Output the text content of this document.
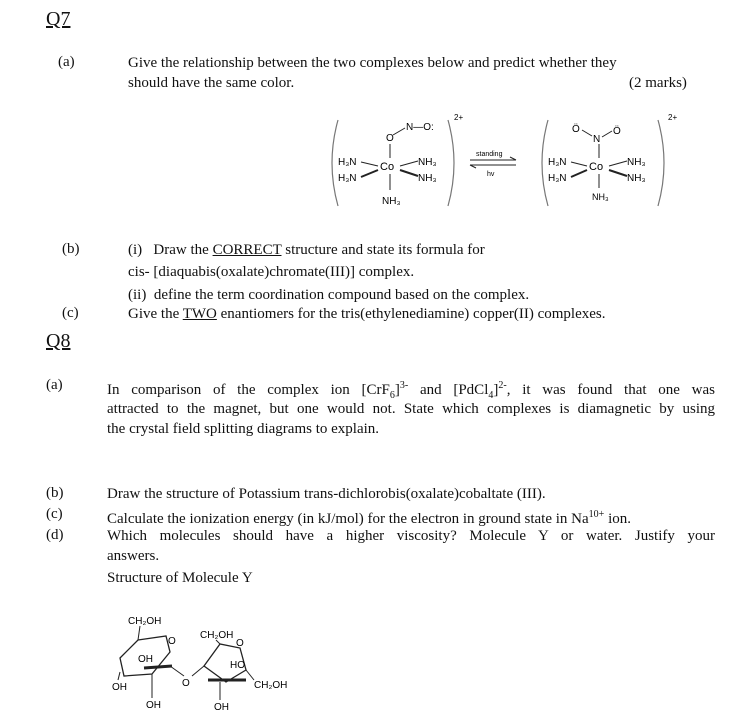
Q7
(a)	Give the relationship between the two complexes below and predict whether they
should have the same color.	(2 marks)
2+
O
N—O:
Co
H₃N
H₃N
NH₃
NH₃
NH₃
standing
hv
2+
Ö
N
Ö
Co
H₃N
H₃N
NH₃
NH₃
NH₃
(b)	(i) Draw the CORRECT structure and state its formula for
cis- [diaquabis(oxalate)chromate(III)] complex.
(ii) define the term coordination compound based on the complex.
(c)	Give the TWO enantiomers for the tris(ethylenediamine) copper(II) complexes.
Q8
(a)	In comparison of the complex ion $[CrF_6]^{3-}$ and [PdCl$_4$]$^{2-}$, it was found that one was
attracted to the magnet, but one would not. State which complexes is diamagnetic by using
the crystal field splitting diagrams to explain.
(b)	Draw the structure of Potassium trans-dichlorobis(oxalate)cobaltate (III).
(c)	Calculate the ionization energy (in kJ/mol) for the electron in ground state in $Na^{10+}$ ion.
(d)	Which molecules should have a higher viscosity? Molecule Y or water. Justify your
answers.
Structure of Molecule Y
CH₂OH
O
OH
OH
OH
O
CH₂OH
O
HO
CH₂OH
OH
